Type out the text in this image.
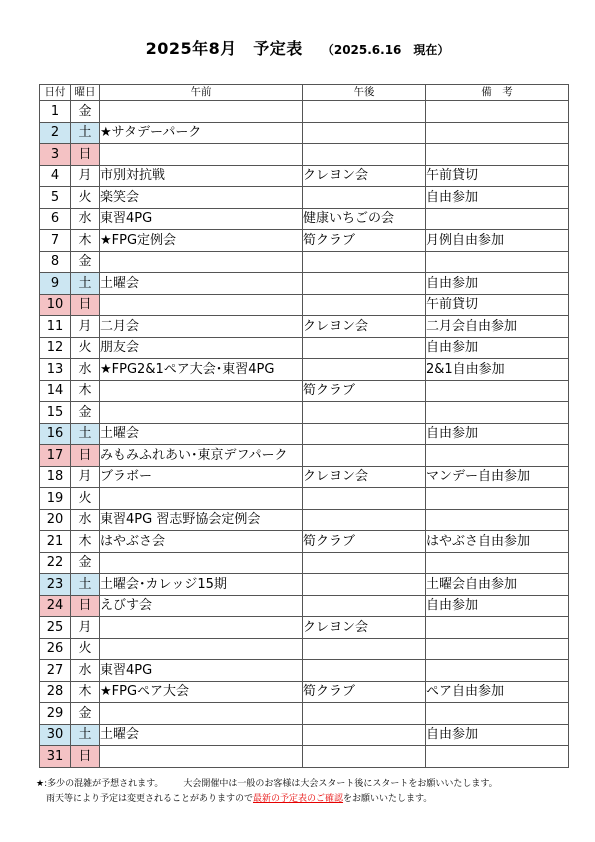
2025年8月　予定表 （2025.6.16　現在）
日付	曜日	午前	午後	備　考
1	金			
2	土	★サタデーパーク		
3	日			
4	月	市別対抗戦	クレヨン会	午前貸切
5	火	楽笑会		自由参加
6	水	東習4PG	健康いちごの会	
7	木	★FPG定例会	筍クラブ	月例自由参加
8	金			
9	土	土曜会		自由参加
10	日			午前貸切
11	月	二月会	クレヨン会	二月会自由参加
12	火	朋友会		自由参加
13	水	★FPG2&1ペア大会･東習4PG		2&1自由参加
14	木		筍クラブ	
15	金			
16	土	土曜会		自由参加
17	日	みもみふれあい･東京デフパーク		
18	月	ブラボー	クレヨン会	マンデー自由参加
19	火			
20	水	東習4PG 習志野協会定例会		
21	木	はやぶさ会	筍クラブ	はやぶさ自由参加
22	金			
23	土	土曜会･カレッジ15期		土曜会自由参加
24	日	えびす会		自由参加
25	月		クレヨン会	
26	火			
27	水	東習4PG		
28	木	★FPGペア大会	筍クラブ	ペア自由参加
29	金			
30	土	土曜会		自由参加
31	日			
★:多少の混雑が予想されます。 大会開催中は一般のお客様は大会スタート後にスタートをお願いいたします。
雨天等により予定は変更されることがありますので最新の予定表のご確認をお願いいたします。
